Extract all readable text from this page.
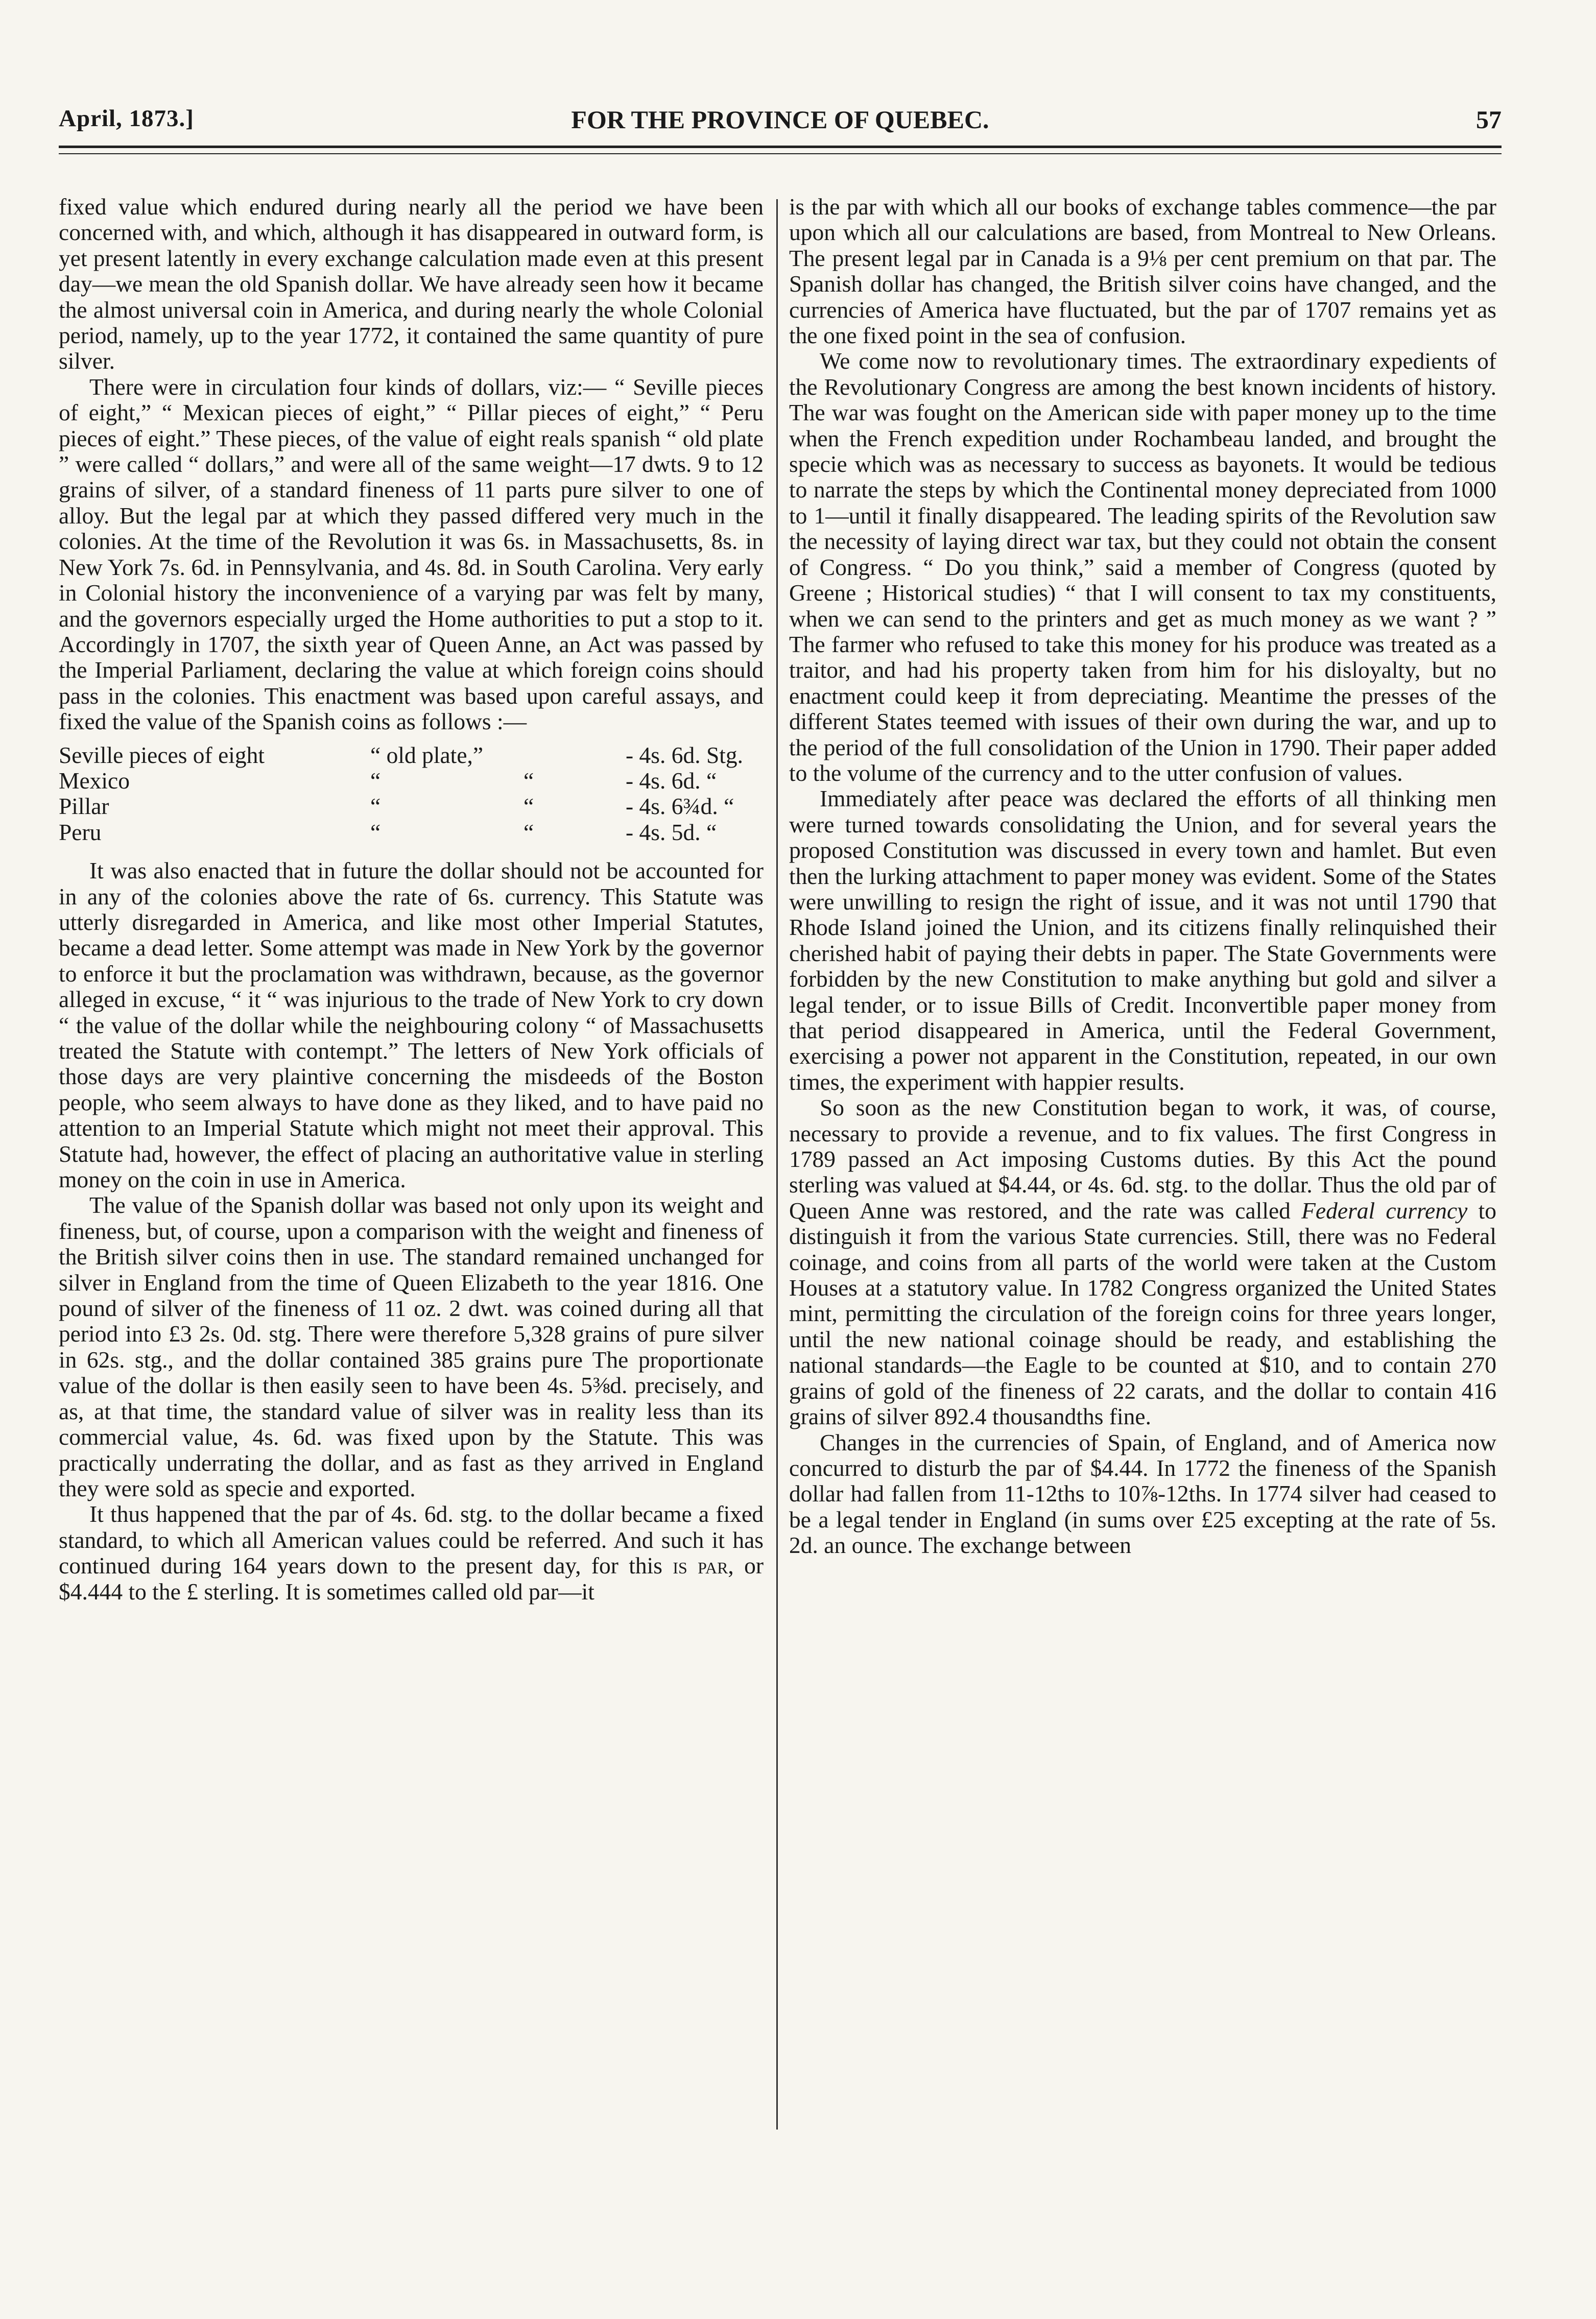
April, 1873.]	FOR THE PROVINCE OF QUEBEC.	57

fixed value which endured during nearly all the period we have been concerned with, and which, although it has disappeared in outward form, is yet present latently in every exchange calculation made even at this present day—we mean the old Spanish dollar. We have already seen how it became the almost universal coin in America, and during nearly the whole Colonial period, namely, up to the year 1772, it contained the same quantity of pure silver.

There were in circulation four kinds of dollars, viz:— “ Seville pieces of eight,” “ Mexican pieces of eight,” “ Pillar pieces of eight,” “ Peru pieces of eight.” These pieces, of the value of eight reals spanish “ old plate ” were called “ dollars,” and were all of the same weight—17 dwts. 9 to 12 grains of silver, of a standard fineness of 11 parts pure silver to one of alloy. But the legal par at which they passed differed very much in the colonies. At the time of the Revolution it was 6s. in Massachusetts, 8s. in New York 7s. 6d. in Pennsylvania, and 4s. 8d. in South Carolina. Very early in Colonial history the inconvenience of a varying par was felt by many, and the governors especially urged the Home authorities to put a stop to it. Accordingly in 1707, the sixth year of Queen Anne, an Act was passed by the Imperial Parliament, declaring the value at which foreign coins should pass in the colonies. This enactment was based upon careful assays, and fixed the value of the Spanish coins as follows :—

Seville pieces of eight	“ old plate,”		- 4s. 6d. Stg.
Mexico	“	“	- 4s. 6d. “
Pillar	“	“	- 4s. 6¾d. “
Peru	“	“	- 4s. 5d. “

It was also enacted that in future the dollar should not be accounted for in any of the colonies above the rate of 6s. currency. This Statute was utterly disregarded in America, and like most other Imperial Statutes, became a dead letter. Some attempt was made in New York by the governor to enforce it but the proclamation was withdrawn, because, as the governor alleged in excuse, “ it “ was injurious to the trade of New York to cry down “ the value of the dollar while the neighbouring colony “ of Massachusetts treated the Statute with contempt.” The letters of New York officials of those days are very plaintive concerning the misdeeds of the Boston people, who seem always to have done as they liked, and to have paid no attention to an Imperial Statute which might not meet their approval. This Statute had, however, the effect of placing an authoritative value in sterling money on the coin in use in America.

The value of the Spanish dollar was based not only upon its weight and fineness, but, of course, upon a comparison with the weight and fineness of the British silver coins then in use. The standard remained unchanged for silver in England from the time of Queen Elizabeth to the year 1816. One pound of silver of the fineness of 11 oz. 2 dwt. was coined during all that period into £3 2s. 0d. stg. There were therefore 5,328 grains of pure silver in 62s. stg., and the dollar contained 385 grains pure The proportionate value of the dollar is then easily seen to have been 4s. 5⅜d. precisely, and as, at that time, the standard value of silver was in reality less than its commercial value, 4s. 6d. was fixed upon by the Statute. This was practically underrating the dollar, and as fast as they arrived in England they were sold as specie and exported.

It thus happened that the par of 4s. 6d. stg. to the dollar became a fixed standard, to which all American values could be referred. And such it has continued during 164 years down to the present day, for this is par, or $4.444 to the £ sterling. It is sometimes called old par—it

is the par with which all our books of exchange tables commence—the par upon which all our calculations are based, from Montreal to New Orleans. The present legal par in Canada is a 9⅛ per cent premium on that par. The Spanish dollar has changed, the British silver coins have changed, and the currencies of America have fluctuated, but the par of 1707 remains yet as the one fixed point in the sea of confusion.

We come now to revolutionary times. The extraordinary expedients of the Revolutionary Congress are among the best known incidents of history. The war was fought on the American side with paper money up to the time when the French expedition under Rochambeau landed, and brought the specie which was as necessary to success as bayonets. It would be tedious to narrate the steps by which the Continental money depreciated from 1000 to 1—until it finally disappeared. The leading spirits of the Revolution saw the necessity of laying direct war tax, but they could not obtain the consent of Congress. “ Do you think,” said a member of Congress (quoted by Greene ; Historical studies) “ that I will consent to tax my constituents, when we can send to the printers and get as much money as we want ? ” The farmer who refused to take this money for his produce was treated as a traitor, and had his property taken from him for his disloyalty, but no enactment could keep it from depreciating. Meantime the presses of the different States teemed with issues of their own during the war, and up to the period of the full consolidation of the Union in 1790. Their paper added to the volume of the currency and to the utter confusion of values.

Immediately after peace was declared the efforts of all thinking men were turned towards consolidating the Union, and for several years the proposed Constitution was discussed in every town and hamlet. But even then the lurking attachment to paper money was evident. Some of the States were unwilling to resign the right of issue, and it was not until 1790 that Rhode Island joined the Union, and its citizens finally relinquished their cherished habit of paying their debts in paper. The State Governments were forbidden by the new Constitution to make anything but gold and silver a legal tender, or to issue Bills of Credit. Inconvertible paper money from that period disappeared in America, until the Federal Government, exercising a power not apparent in the Constitution, repeated, in our own times, the experiment with happier results.

So soon as the new Constitution began to work, it was, of course, necessary to provide a revenue, and to fix values. The first Congress in 1789 passed an Act imposing Customs duties. By this Act the pound sterling was valued at $4.44, or 4s. 6d. stg. to the dollar. Thus the old par of Queen Anne was restored, and the rate was called Federal currency to distinguish it from the various State currencies. Still, there was no Federal coinage, and coins from all parts of the world were taken at the Custom Houses at a statutory value. In 1782 Congress organized the United States mint, permitting the circulation of the foreign coins for three years longer, until the new national coinage should be ready, and establishing the national standards—the Eagle to be counted at $10, and to contain 270 grains of gold of the fineness of 22 carats, and the dollar to contain 416 grains of silver 892.4 thousandths fine.

Changes in the currencies of Spain, of England, and of America now concurred to disturb the par of $4.44. In 1772 the fineness of the Spanish dollar had fallen from 11-12ths to 10⅞-12ths. In 1774 silver had ceased to be a legal tender in England (in sums over £25 excepting at the rate of 5s. 2d. an ounce. The exchange between
